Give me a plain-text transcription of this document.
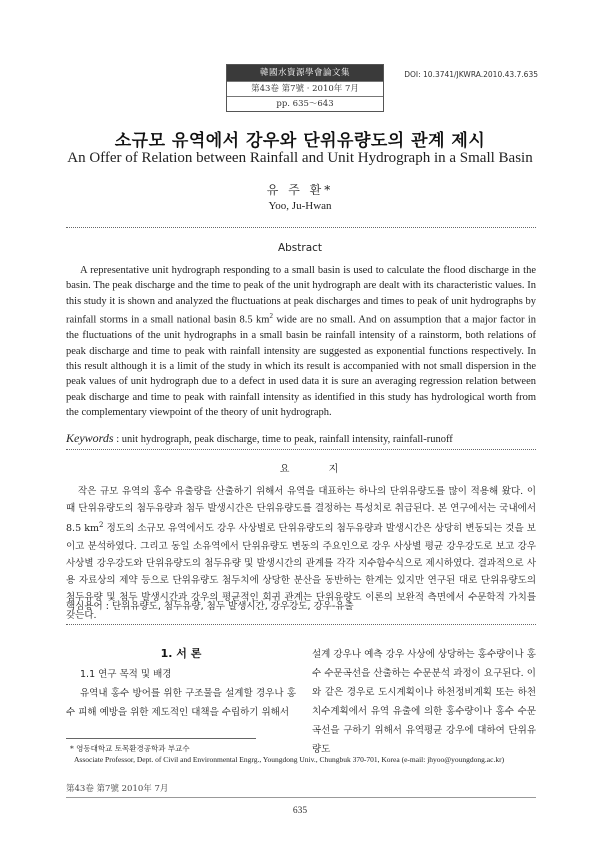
韓國水資源學會論文集
第43卷 第7號 · 2010年 7月
pp. 635～643
DOI: 10.3741/JKWRA.2010.43.7.635
소규모 유역에서 강우와 단위유량도의 관계 제시
An Offer of Relation between Rainfall and Unit Hydrograph in a Small Basin
유 주 환*
Yoo, Ju-Hwan
Abstract
A representative unit hydrograph responding to a small basin is used to calculate the flood discharge in the basin. The peak discharge and the time to peak of the unit hydrograph are dealt with its characteristic values. In this study it is shown and analyzed the fluctuations at peak discharges and times to peak of unit hydrographs by rainfall storms in a small national basin 8.5 $km^2$ wide are no small. And on assumption that a major factor in the fluctuations of the unit hydrographs in a small basin be rainfall intensity of a rainstorm, both relations of peak discharge and time to peak with rainfall intensity are suggested as exponential functions respectively. In this result although it is a limit of the study in which its result is accompanied with not small dispersion in the peak values of unit hydrograph due to a defect in used data it is sure an averaging regression relation between peak discharge and time to peak with rainfall intensity as identified in this study has hydrological worth from the complementary viewpoint of the theory of unit hydrograph.
Keywords : unit hydrograph, peak discharge, time to peak, rainfall intensity, rainfall-runoff
요 지
작은 규모 유역의 홍수 유출량을 산출하기 위해서 유역을 대표하는 하나의 단위유량도를 많이 적용해 왔다. 이 때 단위유량도의 첨두유량과 첨두 발생시간은 단위유량도를 결정하는 특성치로 취급된다. 본 연구에서는 국내에서 8.5 $km^2$ 정도의 소규모 유역에서도 강우 사상별로 단위유량도의 첨두유량과 발생시간은 상당히 변동되는 것을 보이고 분석하였다. 그리고 동일 소유역에서 단위유량도 변동의 주요인으로 강우 사상별 평균 강우강도로 보고 강우 사상별 강우강도와 단위유량도의 첨두유량 및 발생시간의 관계를 각각 지수함수식으로 제시하였다. 결과적으로 사용 자료상의 제약 등으로 단위유량도 첨두치에 상당한 분산을 동반하는 한계는 있지만 연구된 대로 단위유량도의 첨두유량 및 첨두 발생시간과 강우의 평균적인 회귀 관계는 단위유량도 이론의 보완적 측면에서 수문학적 가치를 갖는다.
핵심용어 : 단위유량도, 첨두유량, 첨두 발생시간, 강우강도, 강우-유출
1. 서 론
1.1 연구 목적 및 배경
유역내 홍수 방어를 위한 구조물을 설계할 경우나 홍수 피해 예방을 위한 제도적인 대책을 수립하기 위해서
설계 강우나 예측 강우 사상에 상당하는 홍수량이나 홍수 수문곡선을 산출하는 수문분석 과정이 요구된다. 이와 같은 경우로 도시계획이나 하천정비계획 또는 하천 치수계획에서 유역 유출에 의한 홍수량이나 홍수 수문곡선을 구하기 위해서 유역평균 강우에 대하여 단위유량도
* 영동대학교 토목환경공학과 부교수
Associate Professor, Dept. of Civil and Environmental Engrg., Youngdong Univ., Chungbuk 370-701, Korea (e-mail: jhyoo@youngdong.ac.kr)
第43卷 第7號 2010年 7月
635
